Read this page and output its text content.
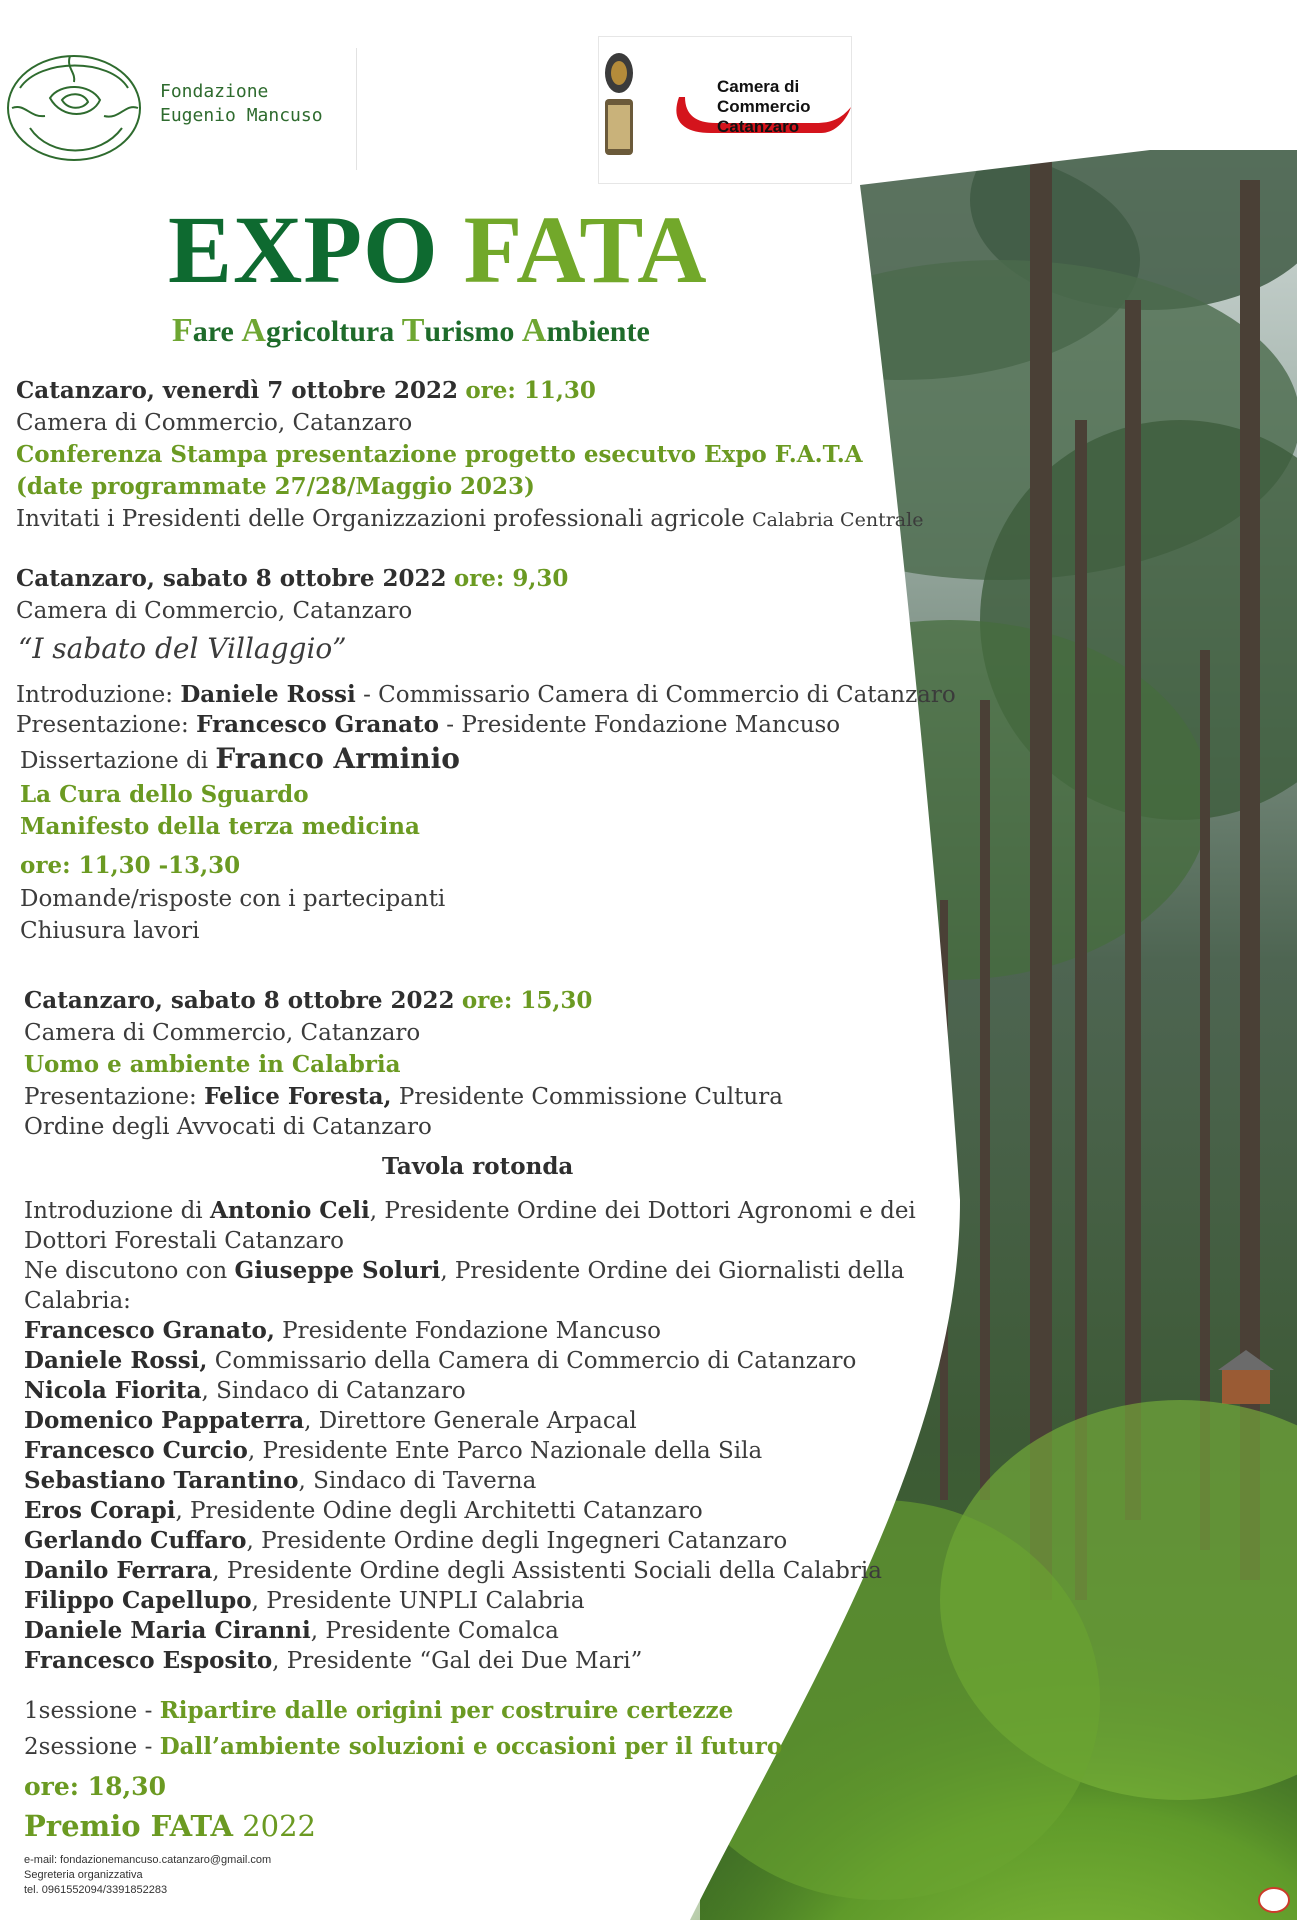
Fondazione
Eugenio Mancuso
Camera di Commercio
Catanzaro
EXPO FATA
Fare Agricoltura Turismo Ambiente
Catanzaro, venerdì 7 ottobre 2022 ore: 11,30
Camera di Commercio, Catanzaro
Conferenza Stampa presentazione progetto esecutvo Expo F.A.T.A
(date programmate 27/28/Maggio 2023)
Invitati i Presidenti delle Organizzazioni professionali agricole Calabria Centrale
Catanzaro, sabato 8 ottobre 2022 ore: 9,30
Camera di Commercio, Catanzaro
“I sabato del Villaggio”
Introduzione: Daniele Rossi - Commissario Camera di Commercio di Catanzaro
Presentazione: Francesco Granato - Presidente Fondazione Mancuso
Dissertazione di Franco Arminio
La Cura dello Sguardo
Manifesto della terza medicina
ore: 11,30 -13,30
Domande/risposte con i partecipanti
Chiusura lavori
Catanzaro, sabato 8 ottobre 2022 ore: 15,30
Camera di Commercio, Catanzaro
Uomo e ambiente in Calabria
Presentazione: Felice Foresta, Presidente Commissione Cultura
Ordine degli Avvocati di Catanzaro
Tavola rotonda
Introduzione di Antonio Celi, Presidente Ordine dei Dottori Agronomi e dei
Dottori Forestali Catanzaro
Ne discutono con Giuseppe Soluri, Presidente Ordine dei Giornalisti della
Calabria:
Francesco Granato, Presidente Fondazione Mancuso
Daniele Rossi, Commissario della Camera di Commercio di Catanzaro
Nicola Fiorita, Sindaco di Catanzaro
Domenico Pappaterra, Direttore Generale Arpacal
Francesco Curcio, Presidente Ente Parco Nazionale della Sila
Sebastiano Tarantino, Sindaco di Taverna
Eros Corapi, Presidente Odine degli Architetti Catanzaro
Gerlando Cuffaro, Presidente Ordine degli Ingegneri Catanzaro
Danilo Ferrara, Presidente Ordine degli Assistenti Sociali della Calabria
Filippo Capellupo, Presidente UNPLI Calabria
Daniele Maria Ciranni, Presidente Comalca
Francesco Esposito, Presidente “Gal dei Due Mari”
1sessione - Ripartire dalle origini per costruire certezze
2sessione - Dall’ambiente soluzioni e occasioni per il futuro
ore: 18,30
Premio FATA 2022
e-mail: fondazionemancuso.catanzaro@gmail.com
Segreteria organizzativa
tel. 0961552094/3391852283
